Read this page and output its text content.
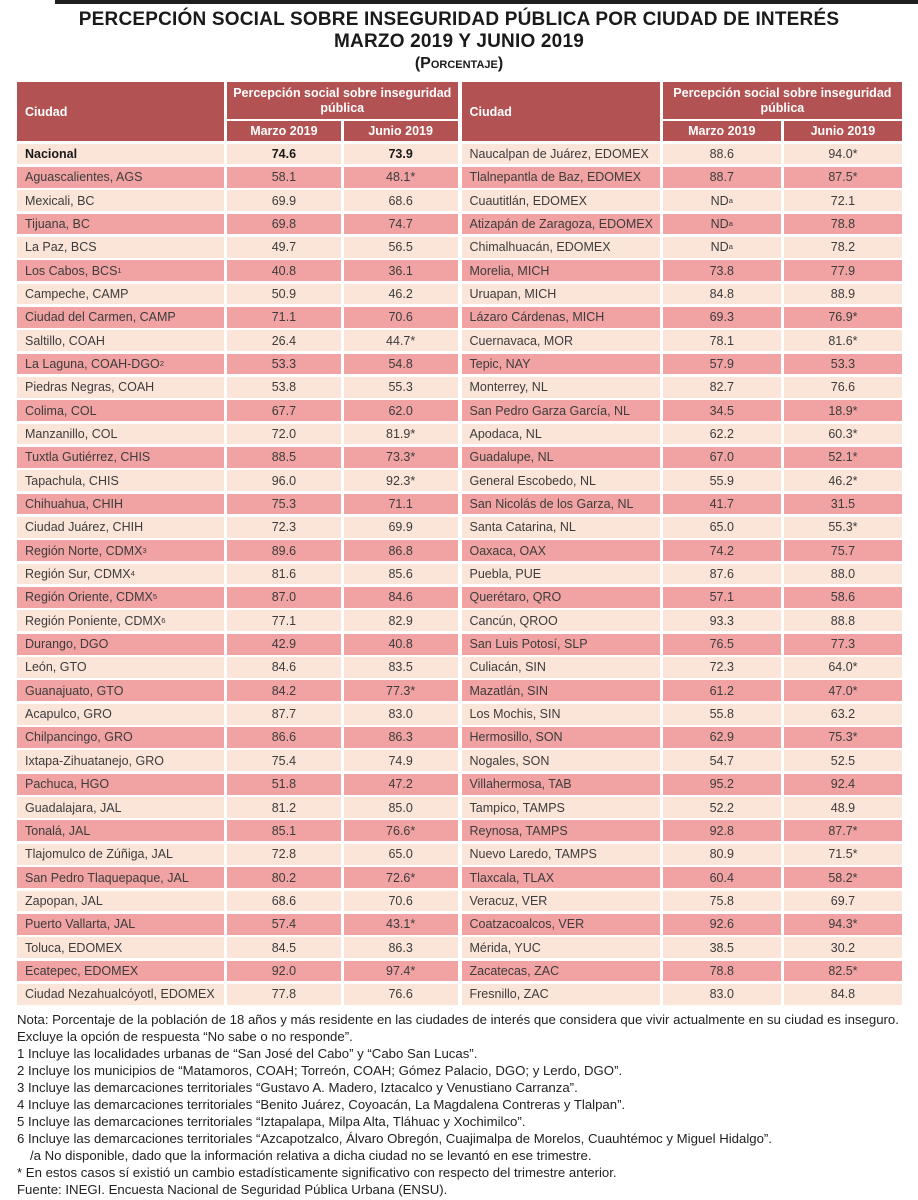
PERCEPCIÓN SOCIAL SOBRE INSEGURIDAD PÚBLICA POR CIUDAD DE INTERÉS
MARZO 2019 Y JUNIO 2019
(Porcentaje)
Ciudad
Percepción social sobre inseguridad pública
Marzo 2019	Junio 2019
Nacional	74.6	73.9
Aguascalientes, AGS	58.1	48.1*
Mexicali, BC	69.9	68.6
Tijuana, BC	69.8	74.7
La Paz, BCS	49.7	56.5
Los Cabos, BCS 1	40.8	36.1
Campeche, CAMP	50.9	46.2
Ciudad del Carmen, CAMP	71.1	70.6
Saltillo, COAH	26.4	44.7*
La Laguna, COAH-DGO 2	53.3	54.8
Piedras Negras, COAH	53.8	55.3
Colima, COL	67.7	62.0
Manzanillo, COL	72.0	81.9*
Tuxtla Gutiérrez, CHIS	88.5	73.3*
Tapachula, CHIS	96.0	92.3*
Chihuahua, CHIH	75.3	71.1
Ciudad Juárez, CHIH	72.3	69.9
Región Norte, CDMX 3	89.6	86.8
Región Sur, CDMX 4	81.6	85.6
Región Oriente, CDMX 5	87.0	84.6
Región Poniente, CDMX 6	77.1	82.9
Durango, DGO	42.9	40.8
León, GTO	84.6	83.5
Guanajuato, GTO	84.2	77.3*
Acapulco, GRO	87.7	83.0
Chilpancingo, GRO	86.6	86.3
Ixtapa-Zihuatanejo, GRO	75.4	74.9
Pachuca, HGO	51.8	47.2
Guadalajara, JAL	81.2	85.0
Tonalá, JAL	85.1	76.6*
Tlajomulco de Zúñiga, JAL	72.8	65.0
San Pedro Tlaquepaque, JAL	80.2	72.6*
Zapopan, JAL	68.6	70.6
Puerto Vallarta, JAL	57.4	43.1*
Toluca, EDOMEX	84.5	86.3
Ecatepec, EDOMEX	92.0	97.4*
Ciudad Nezahualcóyotl, EDOMEX	77.8	76.6
Ciudad
Percepción social sobre inseguridad pública
Marzo 2019	Junio 2019
Naucalpan de Juárez, EDOMEX	88.6	94.0*
Tlalnepantla de Baz, EDOMEX	88.7	87.5*
Cuautitlán, EDOMEX	ND a	72.1
Atizapán de Zaragoza, EDOMEX	ND a	78.8
Chimalhuacán, EDOMEX	ND a	78.2
Morelia, MICH	73.8	77.9
Uruapan, MICH	84.8	88.9
Lázaro Cárdenas, MICH	69.3	76.9*
Cuernavaca, MOR	78.1	81.6*
Tepic, NAY	57.9	53.3
Monterrey, NL	82.7	76.6
San Pedro Garza García, NL	34.5	18.9*
Apodaca, NL	62.2	60.3*
Guadalupe, NL	67.0	52.1*
General Escobedo, NL	55.9	46.2*
San Nicolás de los Garza, NL	41.7	31.5
Santa Catarina, NL	65.0	55.3*
Oaxaca, OAX	74.2	75.7
Puebla, PUE	87.6	88.0
Querétaro, QRO	57.1	58.6
Cancún, QROO	93.3	88.8
San Luis Potosí, SLP	76.5	77.3
Culiacán, SIN	72.3	64.0*
Mazatlán, SIN	61.2	47.0*
Los Mochis, SIN	55.8	63.2
Hermosillo, SON	62.9	75.3*
Nogales, SON	54.7	52.5
Villahermosa, TAB	95.2	92.4
Tampico, TAMPS	52.2	48.9
Reynosa, TAMPS	92.8	87.7*
Nuevo Laredo, TAMPS	80.9	71.5*
Tlaxcala, TLAX	60.4	58.2*
Veracuz, VER	75.8	69.7
Coatzacoalcos, VER	92.6	94.3*
Mérida, YUC	38.5	30.2
Zacatecas, ZAC	78.8	82.5*
Fresnillo, ZAC	83.0	84.8
Nota: Porcentaje de la población de 18 años y más residente en las ciudades de interés que considera que vivir actualmente en su ciudad es inseguro. Excluye la opción de respuesta “No sabe o no responde”.
1 Incluye las localidades urbanas de “San José del Cabo” y “Cabo San Lucas”.
2 Incluye los municipios de “Matamoros, COAH; Torreón, COAH; Gómez Palacio, DGO; y Lerdo, DGO”.
3 Incluye las demarcaciones territoriales “Gustavo A. Madero, Iztacalco y Venustiano Carranza”.
4 Incluye las demarcaciones territoriales “Benito Juárez, Coyoacán, La Magdalena Contreras y Tlalpan”.
5 Incluye las demarcaciones territoriales “Iztapalapa, Milpa Alta, Tláhuac y Xochimilco”.
6 Incluye las demarcaciones territoriales “Azcapotzalco, Álvaro Obregón, Cuajimalpa de Morelos, Cuauhtémoc y Miguel Hidalgo”.
/a No disponible, dado que la información relativa a dicha ciudad no se levantó en ese trimestre.
* En estos casos sí existió un cambio estadísticamente significativo con respecto del trimestre anterior.
Fuente: INEGI. Encuesta Nacional de Seguridad Pública Urbana (ENSU).
